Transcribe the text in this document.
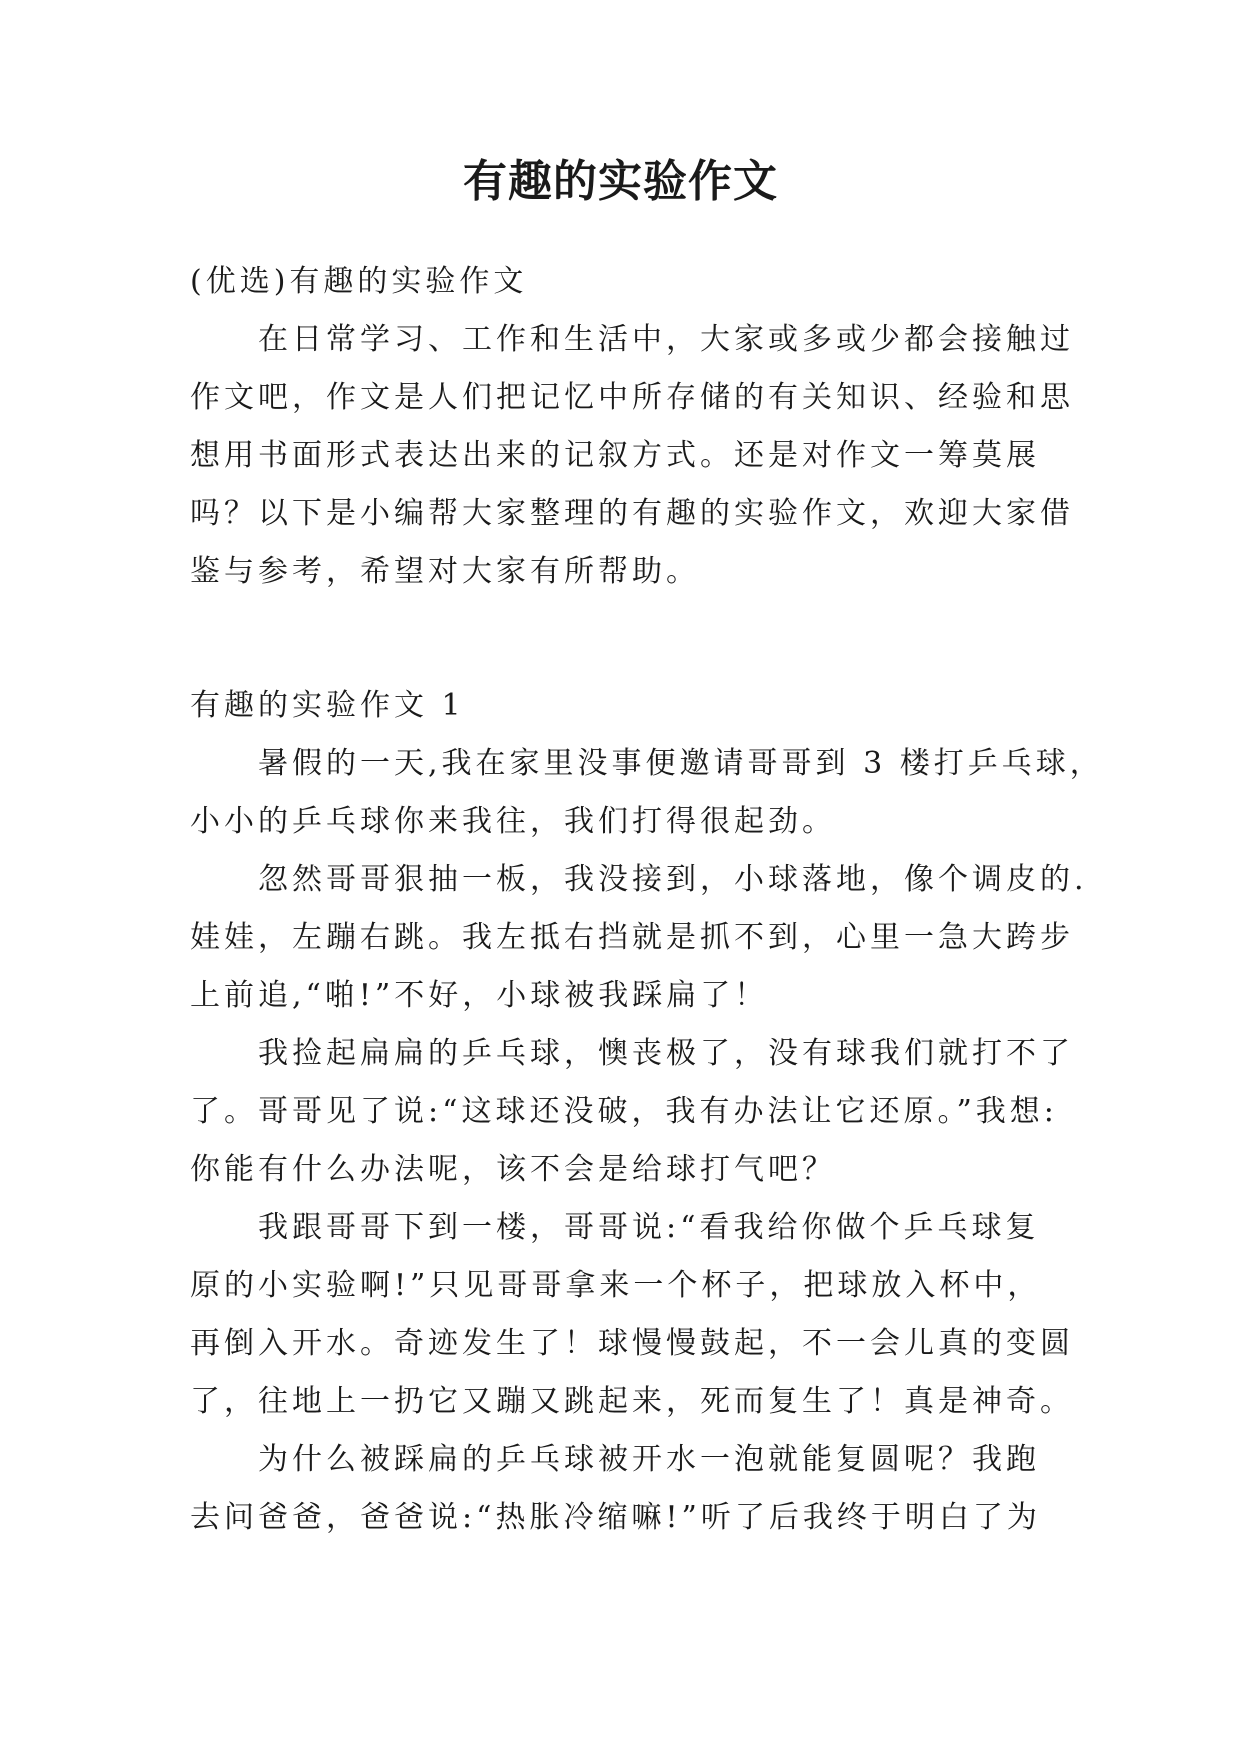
有趣的实验作文
(优选)有趣的实验作文
在日常学习、工作和生活中，大家或多或少都会接触过
作文吧，作文是人们把记忆中所存储的有关知识、经验和思
想用书面形式表达出来的记叙方式。还是对作文一筹莫展
吗？以下是小编帮大家整理的有趣的实验作文，欢迎大家借
鉴与参考，希望对大家有所帮助。
有趣的实验作文 1
暑假的一天,我在家里没事便邀请哥哥到 3 楼打乒乓球，
小小的乒乓球你来我往，我们打得很起劲。
忽然哥哥狠抽一板，我没接到，小球落地，像个调皮的.
娃娃，左蹦右跳。我左抵右挡就是抓不到，心里一急大跨步
上前追,“啪!”不好，小球被我踩扁了！
我捡起扁扁的乒乓球，懊丧极了，没有球我们就打不了
了。哥哥见了说:“这球还没破，我有办法让它还原。”我想:
你能有什么办法呢，该不会是给球打气吧？
我跟哥哥下到一楼，哥哥说:“看我给你做个乒乓球复
原的小实验啊!”只见哥哥拿来一个杯子，把球放入杯中，
再倒入开水。奇迹发生了！球慢慢鼓起，不一会儿真的变圆
了，往地上一扔它又蹦又跳起来，死而复生了！真是神奇。
为什么被踩扁的乒乓球被开水一泡就能复圆呢？我跑
去问爸爸，爸爸说:“热胀冷缩嘛!”听了后我终于明白了为
